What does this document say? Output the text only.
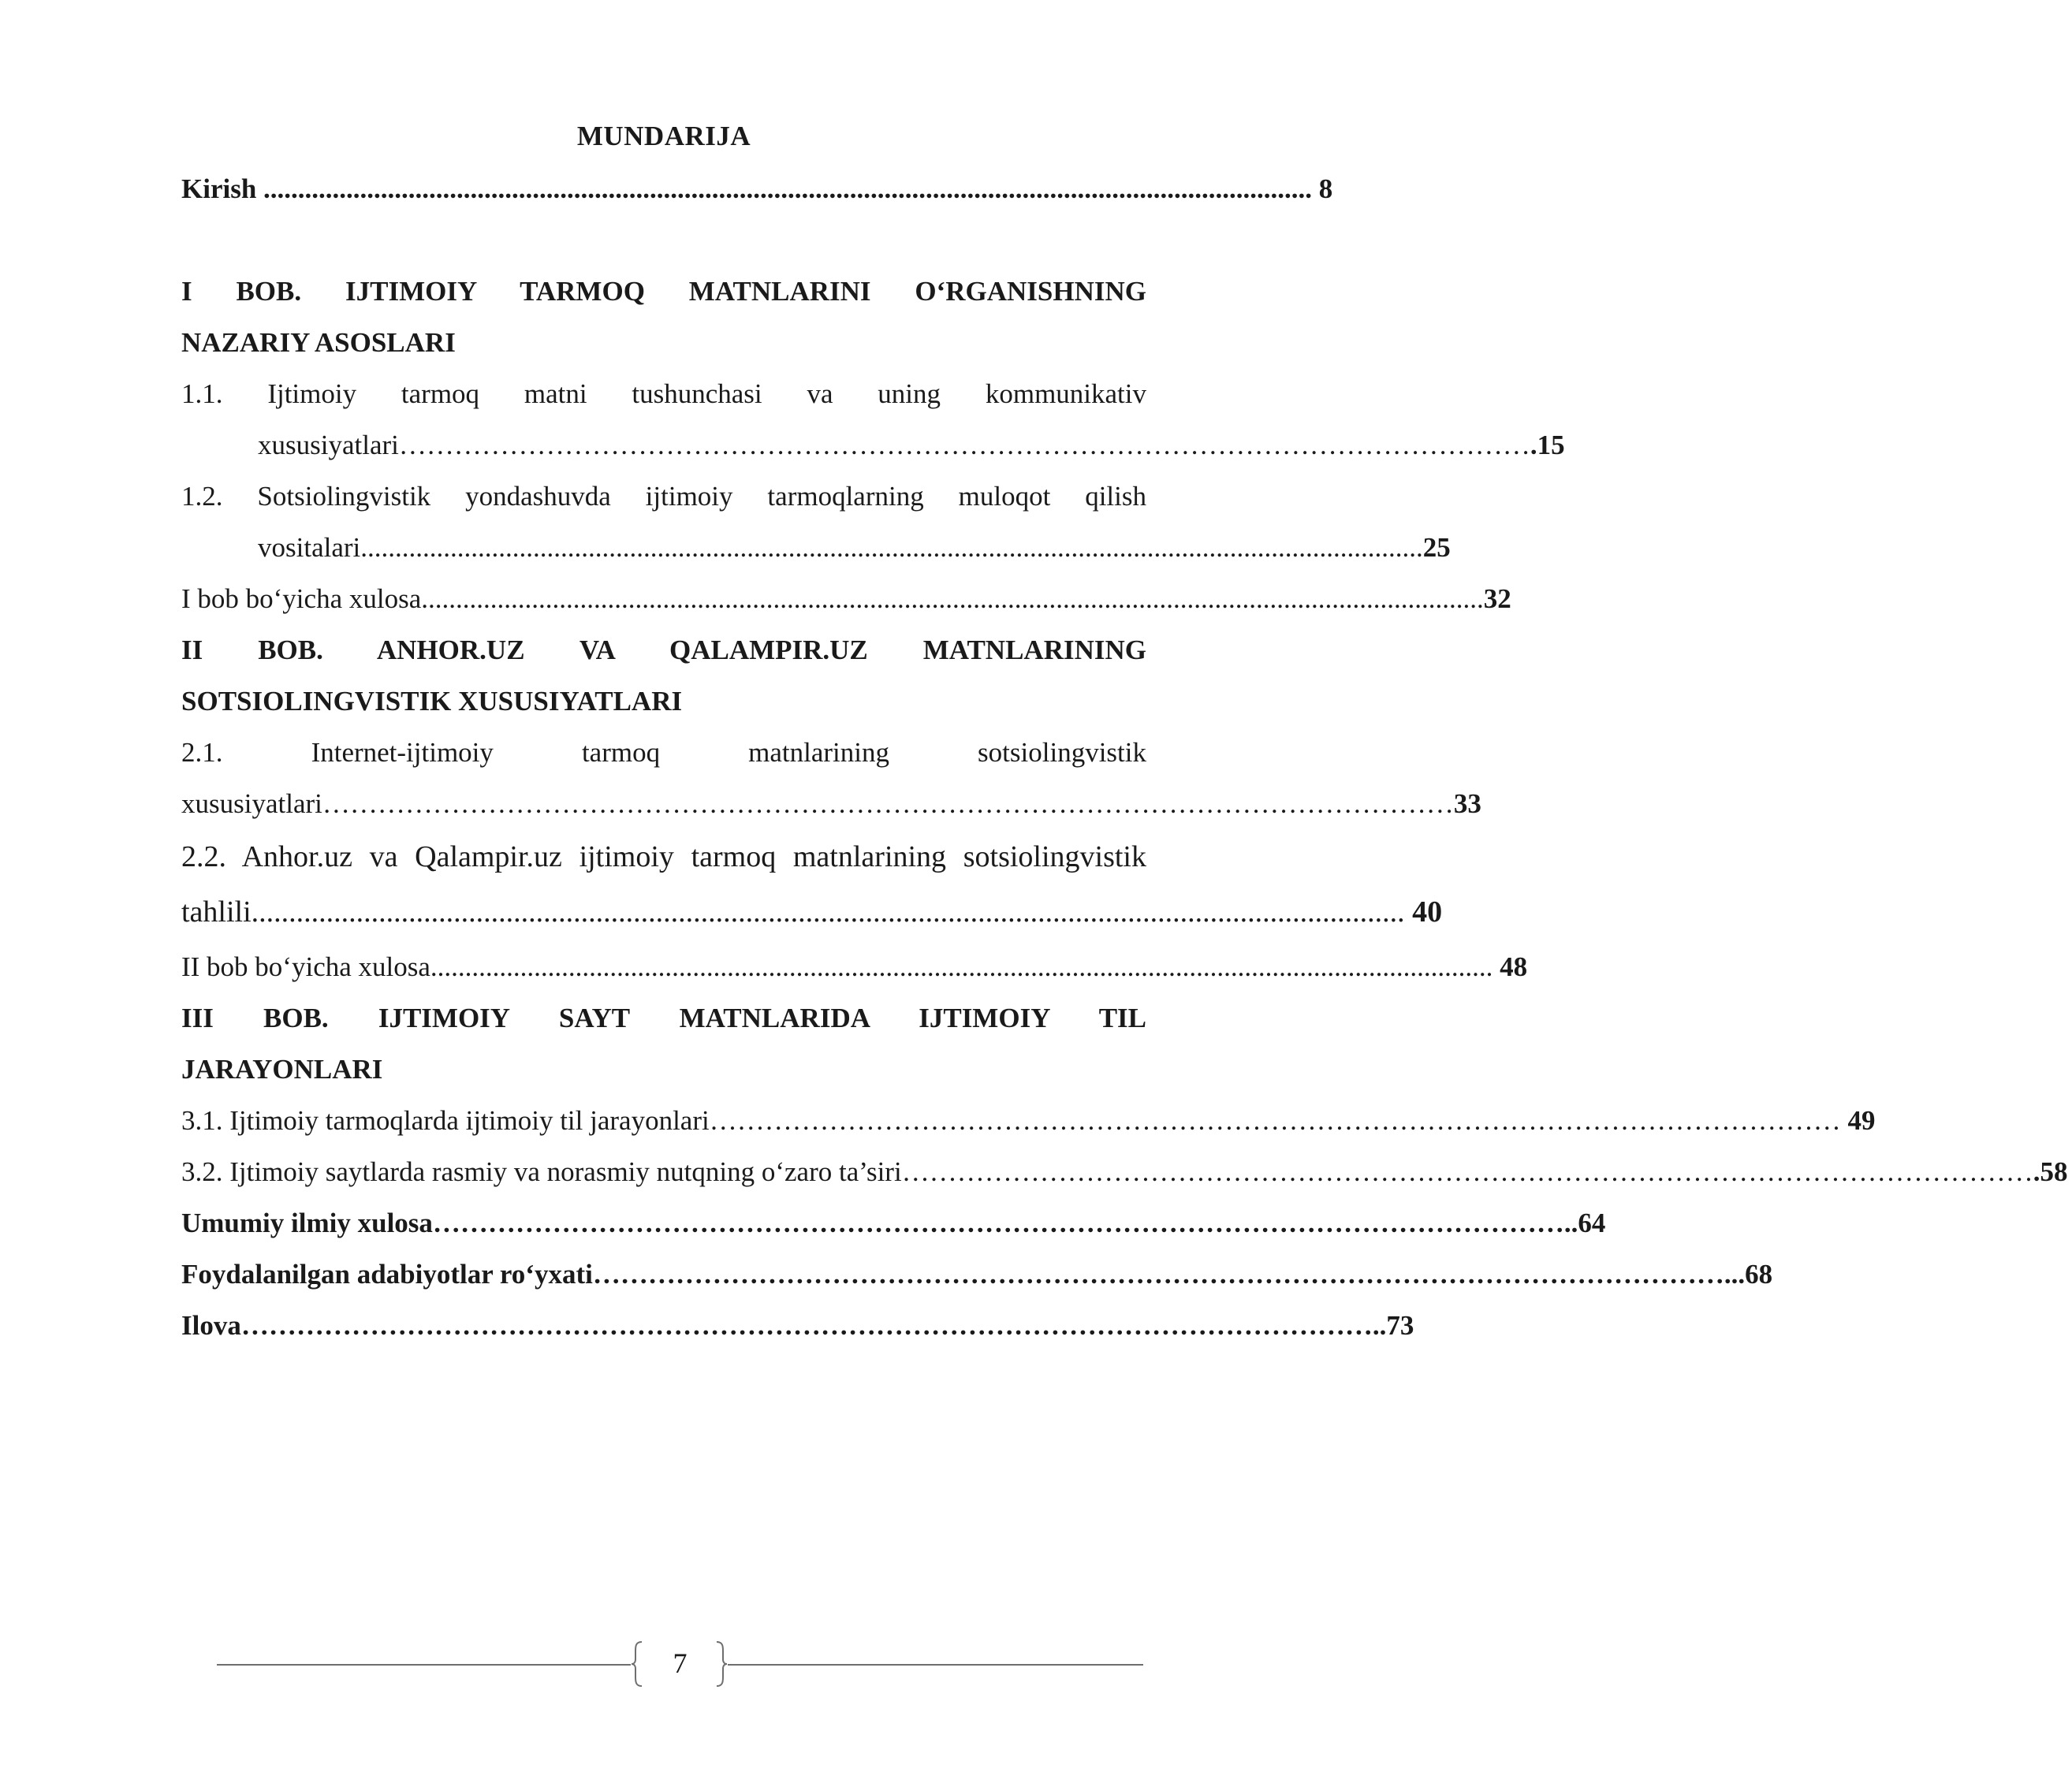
MUNDARIJA
Kirish ........................................................................................................................................................ 8
I BOB. IJTIMOIY TARMOQ MATNLARINI O‘RGANISHNING
NAZARIY ASOSLARI
1.1. Ijtimoiy tarmoq matni tushunchasi va uning kommunikativ
xususiyatlari …………………………………………………………………………………………………………… .15
1.2. Sotsiolingvistik yondashuvda ijtimoiy tarmoqlarning muloqot qilish
vositalari .......................................................................................................................................................... 25
I bob bo‘yicha xulosa .......................................................................................................................................................... 32
II BOB. ANHOR.UZ VA QALAMPIR.UZ MATNLARINING
SOTSIOLINGVISTIK XUSUSIYATLARI
2.1. Internet-ijtimoiy tarmoq matnlarining sotsiolingvistik
xususiyatlari …………………………………………………………………………………………………………… 33
2.2. Anhor.uz va Qalampir.uz ijtimoiy tarmoq matnlarining sotsiolingvistik
tahlili .......................................................................................................................................................... 40
II bob bo‘yicha xulosa .......................................................................................................................................................... 48
III BOB. IJTIMOIY SAYT MATNLARIDA IJTIMOIY TIL
JARAYONLARI
3.1. Ijtimoiy tarmoqlarda ijtimoiy til jarayonlari …………………………………………………………………………………………………………… 49
3.2. Ijtimoiy saytlarda rasmiy va norasmiy nutqning o‘zaro ta’siri …………………………………………………………………………………………………………… .58
Umumiy ilmiy xulosa …………………………………………………………………………………………………………… ..64
Foydalanilgan adabiyotlar ro‘yxati …………………………………………………………………………………………………………… ...68
Ilova …………………………………………………………………………………………………………… ..73
7
